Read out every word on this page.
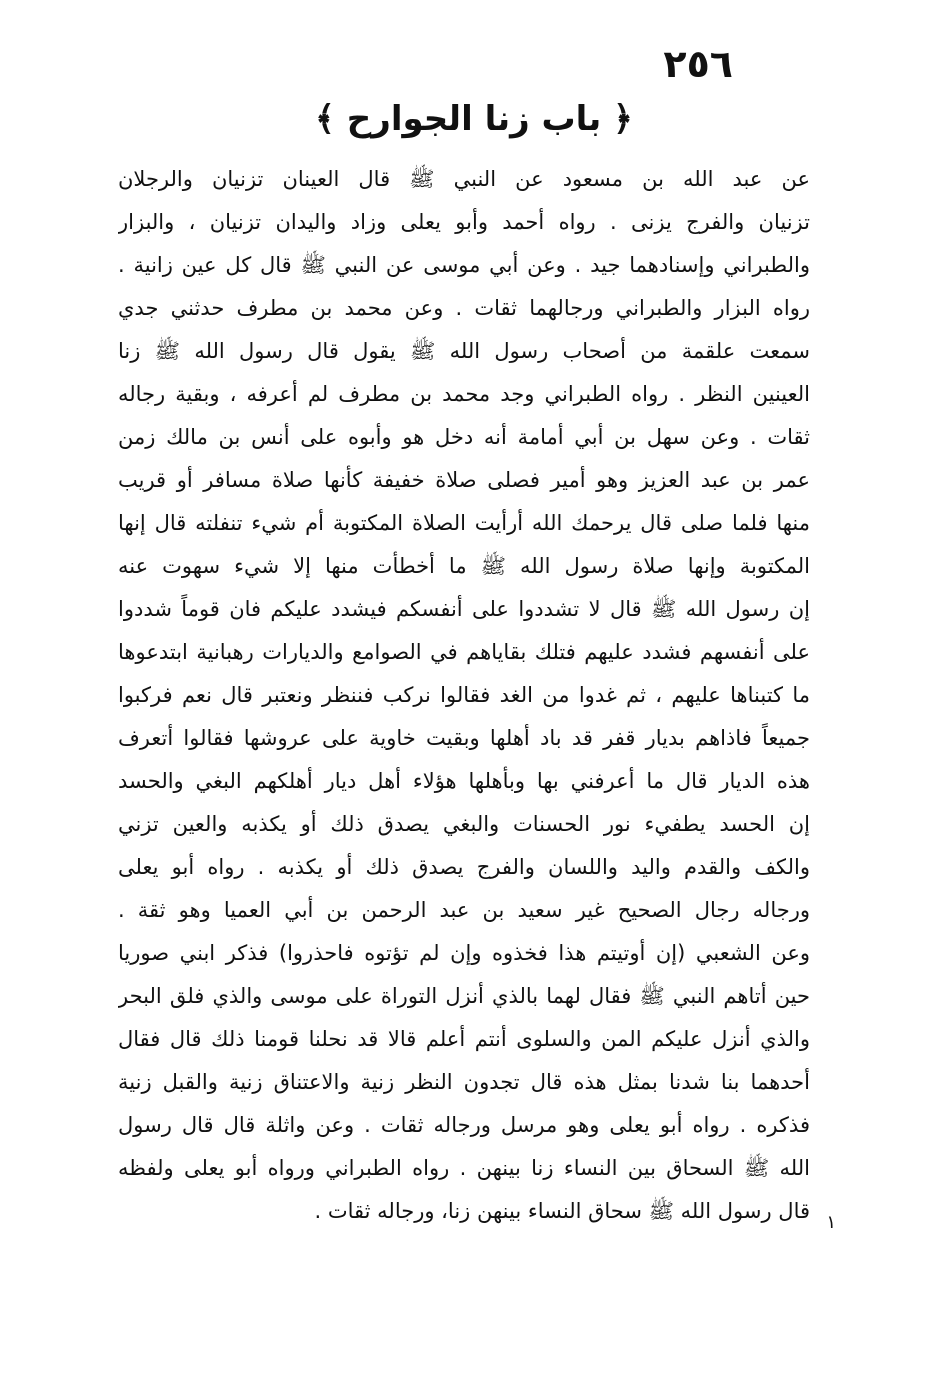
٢٥٦
﴿ باب زنا الجوارح ﴾
عن عبد الله بن مسعود عن النبي ﷺ قال العينان تزنيان والرجلان
تزنيان والفرج يزنى . رواه أحمد وأبو يعلى وزاد واليدان تزنيان ، والبزار
والطبراني وإسنادهما جيد . وعن أبي موسى عن النبي ﷺ قال كل عين زانية .
رواه البزار والطبراني ورجالهما ثقات . وعن محمد بن مطرف حدثني جدي
سمعت علقمة من أصحاب رسول الله ﷺ يقول قال رسول الله ﷺ زنا
العينين النظر . رواه الطبراني وجد محمد بن مطرف لم أعرفه ، وبقية رجاله
ثقات . وعن سهل بن أبي أمامة أنه دخل هو وأبوه على أنس بن مالك زمن
عمر بن عبد العزيز وهو أمير فصلى صلاة خفيفة كأنها صلاة مسافر أو قريب
منها فلما صلى قال يرحمك الله أرأيت الصلاة المكتوبة أم شيء تنفلته قال إنها
المكتوبة وإنها صلاة رسول الله ﷺ ما أخطأت منها إلا شيء سهوت عنه
إن رسول الله ﷺ قال لا تشددوا على أنفسكم فيشدد عليكم فان قوماً شددوا
على أنفسهم فشدد عليهم فتلك بقاياهم في الصوامع والديارات رهبانية ابتدعوها
ما كتبناها عليهم ، ثم غدوا من الغد فقالوا نركب فننظر ونعتبر قال نعم فركبوا
جميعاً فاذاهم بديار قفر قد باد أهلها وبقيت خاوية على عروشها فقالوا أتعرف
هذه الديار قال ما أعرفني بها وبأهلها هؤلاء أهل ديار أهلكهم البغي والحسد
إن الحسد يطفيء نور الحسنات والبغي يصدق ذلك أو يكذبه والعين تزني
والكف والقدم واليد واللسان والفرج يصدق ذلك أو يكذبه . رواه أبو يعلى
ورجاله رجال الصحيح غير سعيد بن عبد الرحمن بن أبي العميا وهو ثقة .
وعن الشعبي (إن أوتيتم هذا فخذوه وإن لم تؤتوه فاحذروا) فذكر ابني صوريا
حين أتاهم النبي ﷺ فقال لهما بالذي أنزل التوراة على موسى والذي فلق البحر
والذي أنزل عليكم المن والسلوى أنتم أعلم قالا قد نحلنا قومنا ذلك قال فقال
أحدهما بنا شدنا بمثل هذه قال تجدون النظر زنية والاعتناق زنية والقبل زنية
فذكره . رواه أبو يعلى وهو مرسل ورجاله ثقات . وعن واثلة قال قال رسول
الله ﷺ السحاق بين النساء زنا بينهن . رواه الطبراني ورواه أبو يعلى ولفظه
قال رسول الله ﷺ سحاق النساء بينهن زنا، ورجاله ثقات . ١
